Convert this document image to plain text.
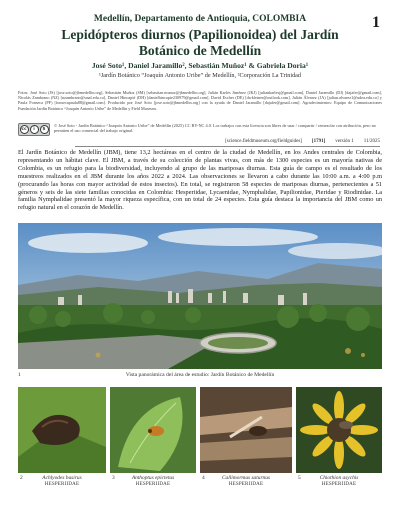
1
Medellín, Departamento de Antioquia, COLOMBIA
Lepidópteros diurnos (Papilionoidea) del Jardín
Botánico de Medellín
José Soto¹, Daniel Jaramillo², Sebastián Muñoz¹ & Gabriela Doria¹
¹Jardín Botánico “Joaquín Antonio Uribe” de Medellín, ²Corporación La Trinidad
Fotos: José Soto (JS) [jose.soto@jbmedellin.org], Sebastián Muñoz (SM) [sebastian.munoz@jbmedellin.org], Julián Karles Jiménez (JKJ) [juliankarlesj@gmail.com], Daniel Jaramillo (DJ) [dajafer@gmail.com], Nicolás Zambrano (NZ) [nzambrano@unal.edu.co], Daniel Hincapié (DH) [danielhincapie230979@gmail.com], David Escher (DE) [dwkleiner@outlook.com], Julián Álvarez (JA) [julian.alvarez1@udea.edu.co] y Paula Fonseca (PF) [fonsecapaula88@gmail.com]. Producido por José Soto [jose.soto@jbmedellin.org] con la ayuda de Daniel Jaramillo [dajafer@gmail.com]. Agradecimientos: Equipo de Comunicaciones Fundación Jardín Botánico “Joaquín Antonio Uribe” de Medellín y Field Museum.
cc	i	$
© José Soto - Jardín Botánico “Joaquín Antonio Uribe” de Medellín (2025) CC BY-NC 4.0. Los trabajos con esta licencia son libres de usar / compartir / remezclar con atribución, pero no permiten el uso comercial del trabajo original.
[science.fieldmuseum.org/fieldguides] [1791] versión 1 11/2025
El Jardín Botánico de Medellín (JBM), tiene 13,2 hectáreas en el centro de la ciudad de Medellín, en los Andes centrales de Colombia, representando un hábitat clave. El JBM, a través de su colección de plantas vivas, con más de 1300 especies es un mayoría nativas de Colombia, es un refugio para la biodiversidad, incluyendo al grupo de las mariposas diurnas. Esta guía de campo es el resultado de los muestreos realizados en el JBM durante los años 2022 a 2024. Las observaciones se llevaron a cabo durante las 10:00 a.m. a 4:00 p.m (procurando las horas con mayor actividad de estos insectos). En total, se registraron 58 especies de mariposas diurnas, pertenecientes a 51 géneros y seis de las siete familias conocidas en Colombia: Hesperiidae, Lycaenidae, Nymphalidae, Papilionidae, Pieridae y Riodinidae. La familia Nymphalidae presentó la mayor riqueza específica, con un total de 24 especies. Esta guía destaca la importancia del JBM como un refugio natural en el corazón de Medellín.
1	Vista panorámica del área de estudio: Jardín Botánico de Medellín
2	Achlyodes busirus
HESPERIIDAE
3	Anthoptus epictetus
HESPERIIDAE
4	Callimormus saturnus
HESPERIIDAE
5	Chiothion asychis
HESPERIIDAE
